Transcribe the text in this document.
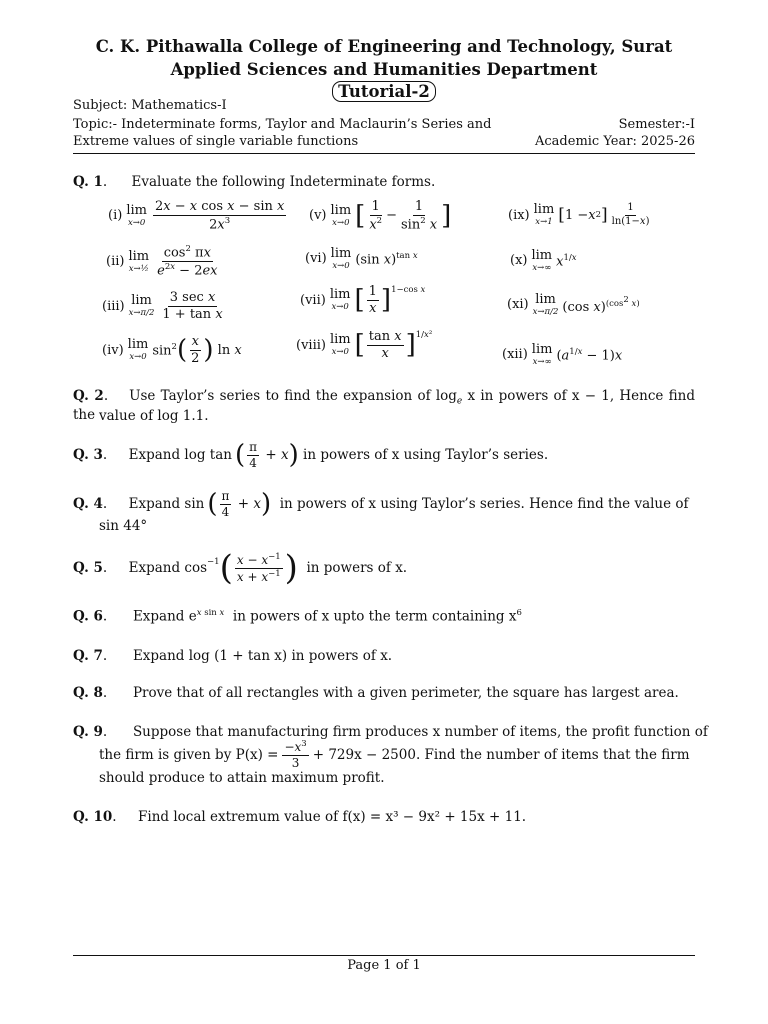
C. K. Pithawalla College of Engineering and Technology, Surat
Applied Sciences and Humanities Department
Tutorial-2
Subject: Mathematics-I
Topic:- Indeterminate forms, Taylor and Maclaurin’s Series and
Extreme values of single variable functions
Semester:-I
Academic Year: 2025-26
Q. 1. Evaluate the following Indeterminate forms.
(i) lim
$x\to 0 \frac{\text{2x − x cos x − sin x}}{2x^3}$
(ii) lim
x→½ $\frac{\cos^2 \pi x}{e^{2x} - 2ex}$
(iii) lim
$x\to\pi/2 \frac{\text{3 sec x}}{\text{1 + tan x}}$
(iv) lim
x→0 $\sin^2$ ( $\frac{x}{2}$ ) ln x
(v) lim
x→0 [ $\frac{1}{x^2} - \frac{1}{\sin^2 x}$ ]
(vi) lim
x→0 (sin x)$^{tan x}$
(vii) lim
x→0 [ $\frac{1}{x} ]^{1-cos x}$
(viii) lim
x→0 [ $\frac{\text{tan x}}{x} ]^{1/x^2}$
(ix) lim
x→1 [ 1 − x 2 ] $\frac{1}{\ln(1-x)}$
(x) lim
x→∞ $x^{1/x}$
(xi) lim
x→π/2 (cos x)$^{(cos^2 x)}$
(xii) lim
x→∞ $(a^{1/x} - 1)x$
Q. 2.    Use Taylor’s series to find the expansion of $\log_e x$ in powers of x − 1, Hence find the value of log 1.1.
Q. 3 . Expand log tan ( $\frac{\pi}{4} + x$ )
in powers of x using Taylor’s series.
Q. 4 . Expand sin ( $\frac{\pi}{4} + x$ )
in powers of x using Taylor’s series. Hence find the value of
sin 44°
Q. 5 . Expand $\cos^{-1}$ ( $\frac{x - x^{-1}}{x + x^{-1}}$ )
in powers of x.
Q. 6.      Expand $e^{x sin x}$ in powers of x upto the term containing $x^6$
Q. 7.      Expand log (1 + tan x) in powers of x.
Q. 8.      Prove that of all rectangles with a given perimeter, the square has largest area.
Q. 9.      Suppose that manufacturing firm produces x number of items, the profit function of
the firm is given by $P(x) = \frac{-x^3}{3} + 729x - 2500$. Find the number of items that the firm
should produce to attain maximum profit.
Q. 10.     Find local extremum value of f(x) = x³ − 9x² + 15x + 11.
Page 1 of 1
